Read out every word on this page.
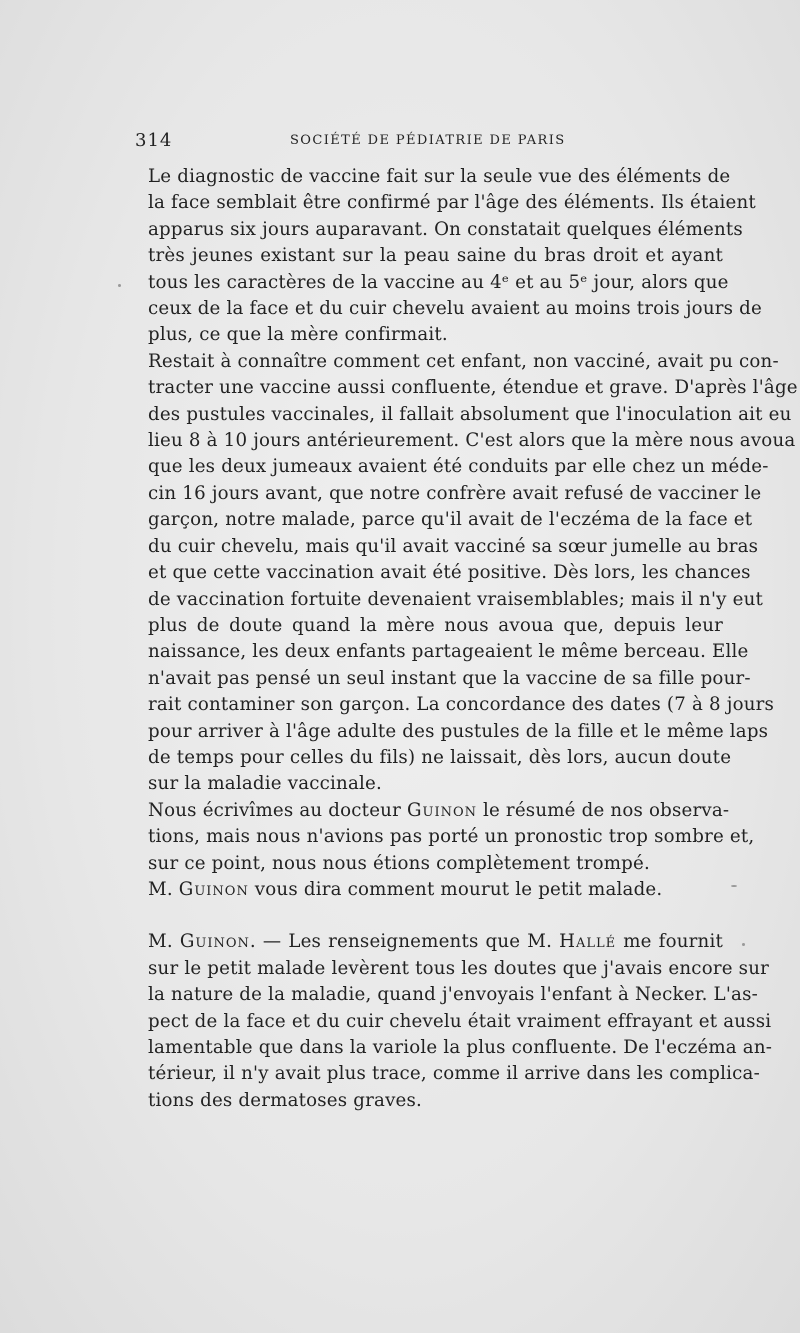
314	SOCIÉTÉ DE PÉDIATRIE DE PARIS

Le diagnostic de vaccine fait sur la seule vue des éléments de
la face semblait être confirmé par l'âge des éléments. Ils étaient
apparus six jours auparavant. On constatait quelques éléments
très jeunes existant sur la peau saine du bras droit et ayant
tous les caractères de la vaccine au 4ᵉ et au 5ᵉ jour, alors que
ceux de la face et du cuir chevelu avaient au moins trois jours de
plus, ce que la mère confirmait.

Restait à connaître comment cet enfant, non vacciné, avait pu con-
tracter une vaccine aussi confluente, étendue et grave. D'après l'âge
des pustules vaccinales, il fallait absolument que l'inoculation ait eu
lieu 8 à 10 jours antérieurement. C'est alors que la mère nous avoua
que les deux jumeaux avaient été conduits par elle chez un méde-
cin 16 jours avant, que notre confrère avait refusé de vacciner le
garçon, notre malade, parce qu'il avait de l'eczéma de la face et
du cuir chevelu, mais qu'il avait vacciné sa sœur jumelle au bras
et que cette vaccination avait été positive. Dès lors, les chances
de vaccination fortuite devenaient vraisemblables; mais il n'y eut
plus de doute quand la mère nous avoua que, depuis leur
naissance, les deux enfants partageaient le même berceau. Elle
n'avait pas pensé un seul instant que la vaccine de sa fille pour-
rait contaminer son garçon. La concordance des dates (7 à 8 jours
pour arriver à l'âge adulte des pustules de la fille et le même laps
de temps pour celles du fils) ne laissait, dès lors, aucun doute
sur la maladie vaccinale.

Nous écrivîmes au docteur Guinon le résumé de nos observa-
tions, mais nous n'avions pas porté un pronostic trop sombre et,
sur ce point, nous nous étions complètement trompé.

M. Guinon vous dira comment mourut le petit malade.

M. Guinon. — Les renseignements que M. Hallé me fournit
sur le petit malade levèrent tous les doutes que j'avais encore sur
la nature de la maladie, quand j'envoyais l'enfant à Necker. L'as-
pect de la face et du cuir chevelu était vraiment effrayant et aussi
lamentable que dans la variole la plus confluente. De l'eczéma an-
térieur, il n'y avait plus trace, comme il arrive dans les complica-
tions des dermatoses graves.
